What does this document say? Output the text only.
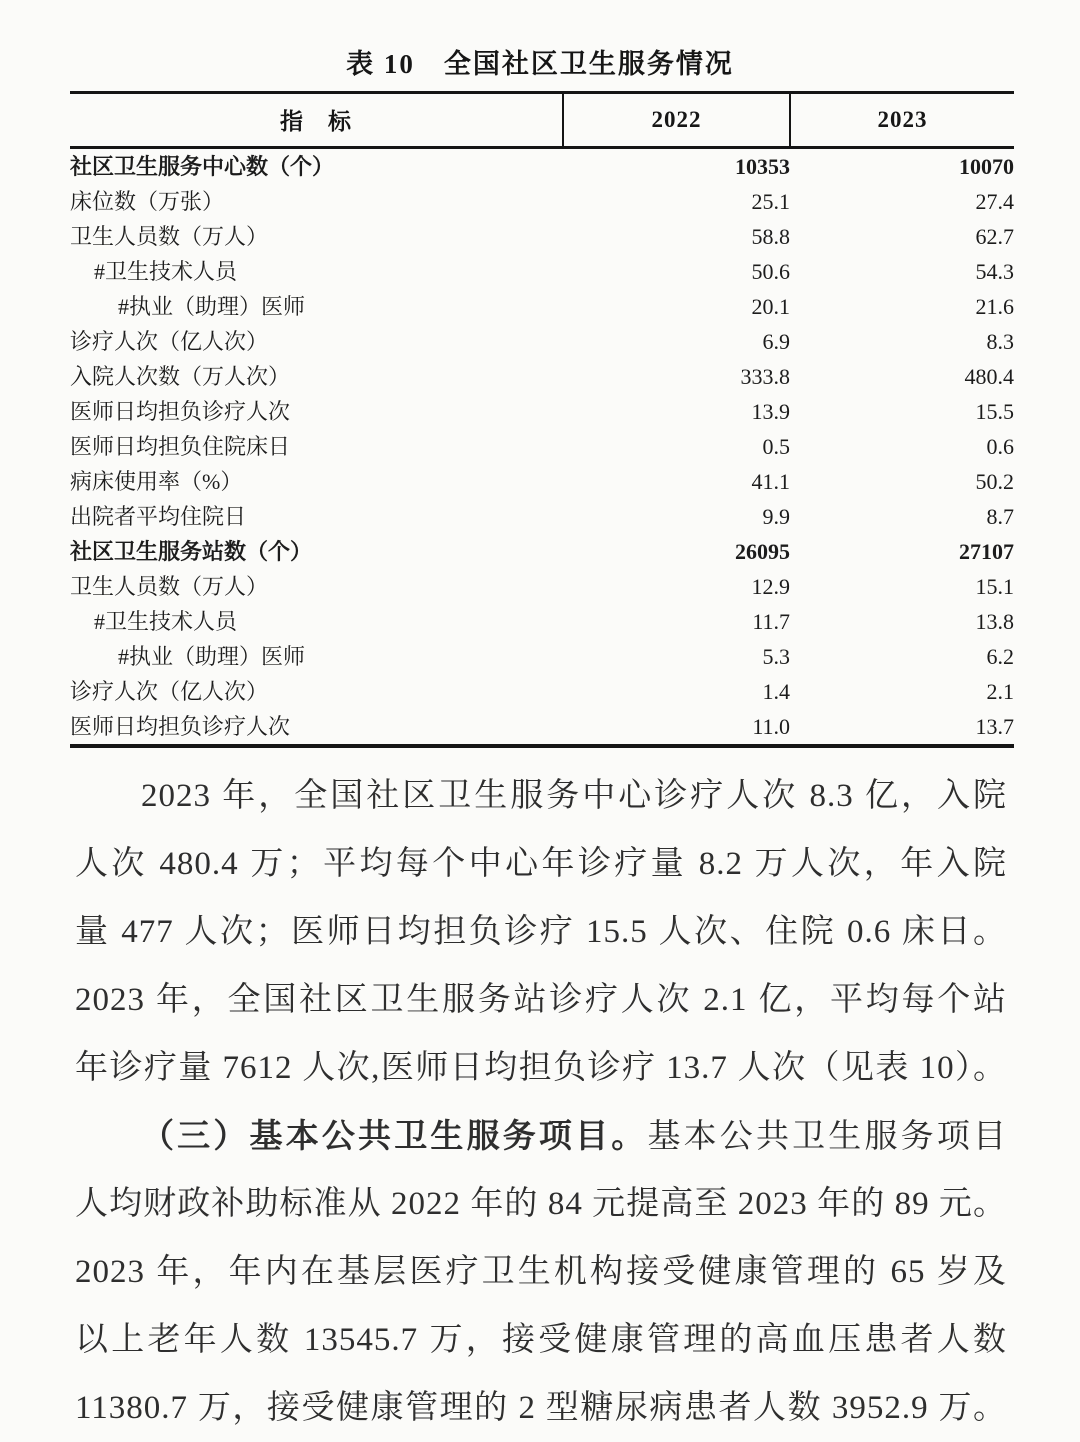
表 10　全国社区卫生服务情况
指　标	2022	2023
社区卫生服务中心数（个）	10353	10070
床位数（万张）	25.1	27.4
卫生人员数（万人）	58.8	62.7
#卫生技术人员	50.6	54.3
#执业（助理）医师	20.1	21.6
诊疗人次（亿人次）	6.9	8.3
入院人次数（万人次）	333.8	480.4
医师日均担负诊疗人次	13.9	15.5
医师日均担负住院床日	0.5	0.6
病床使用率（%）	41.1	50.2
出院者平均住院日	9.9	8.7
社区卫生服务站数（个）	26095	27107
卫生人员数（万人）	12.9	15.1
#卫生技术人员	11.7	13.8
#执业（助理）医师	5.3	6.2
诊疗人次（亿人次）	1.4	2.1
医师日均担负诊疗人次	11.0	13.7
2023 年，全国社区卫生服务中心诊疗人次 8.3 亿，入院
人次 480.4 万；平均每个中心年诊疗量 8.2 万人次，年入院
量 477 人次；医师日均担负诊疗 15.5 人次、住院 0.6 床日。
2023 年，全国社区卫生服务站诊疗人次 2.1 亿，平均每个站
年诊疗量 7612 人次,医师日均担负诊疗 13.7 人次（见表 10）。
（三）基本公共卫生服务项目。基本公共卫生服务项目
人均财政补助标准从 2022 年的 84 元提高至 2023 年的 89 元。
2023 年，年内在基层医疗卫生机构接受健康管理的 65 岁及
以上老年人数 13545.7 万，接受健康管理的高血压患者人数
11380.7 万，接受健康管理的 2 型糖尿病患者人数 3952.9 万。
